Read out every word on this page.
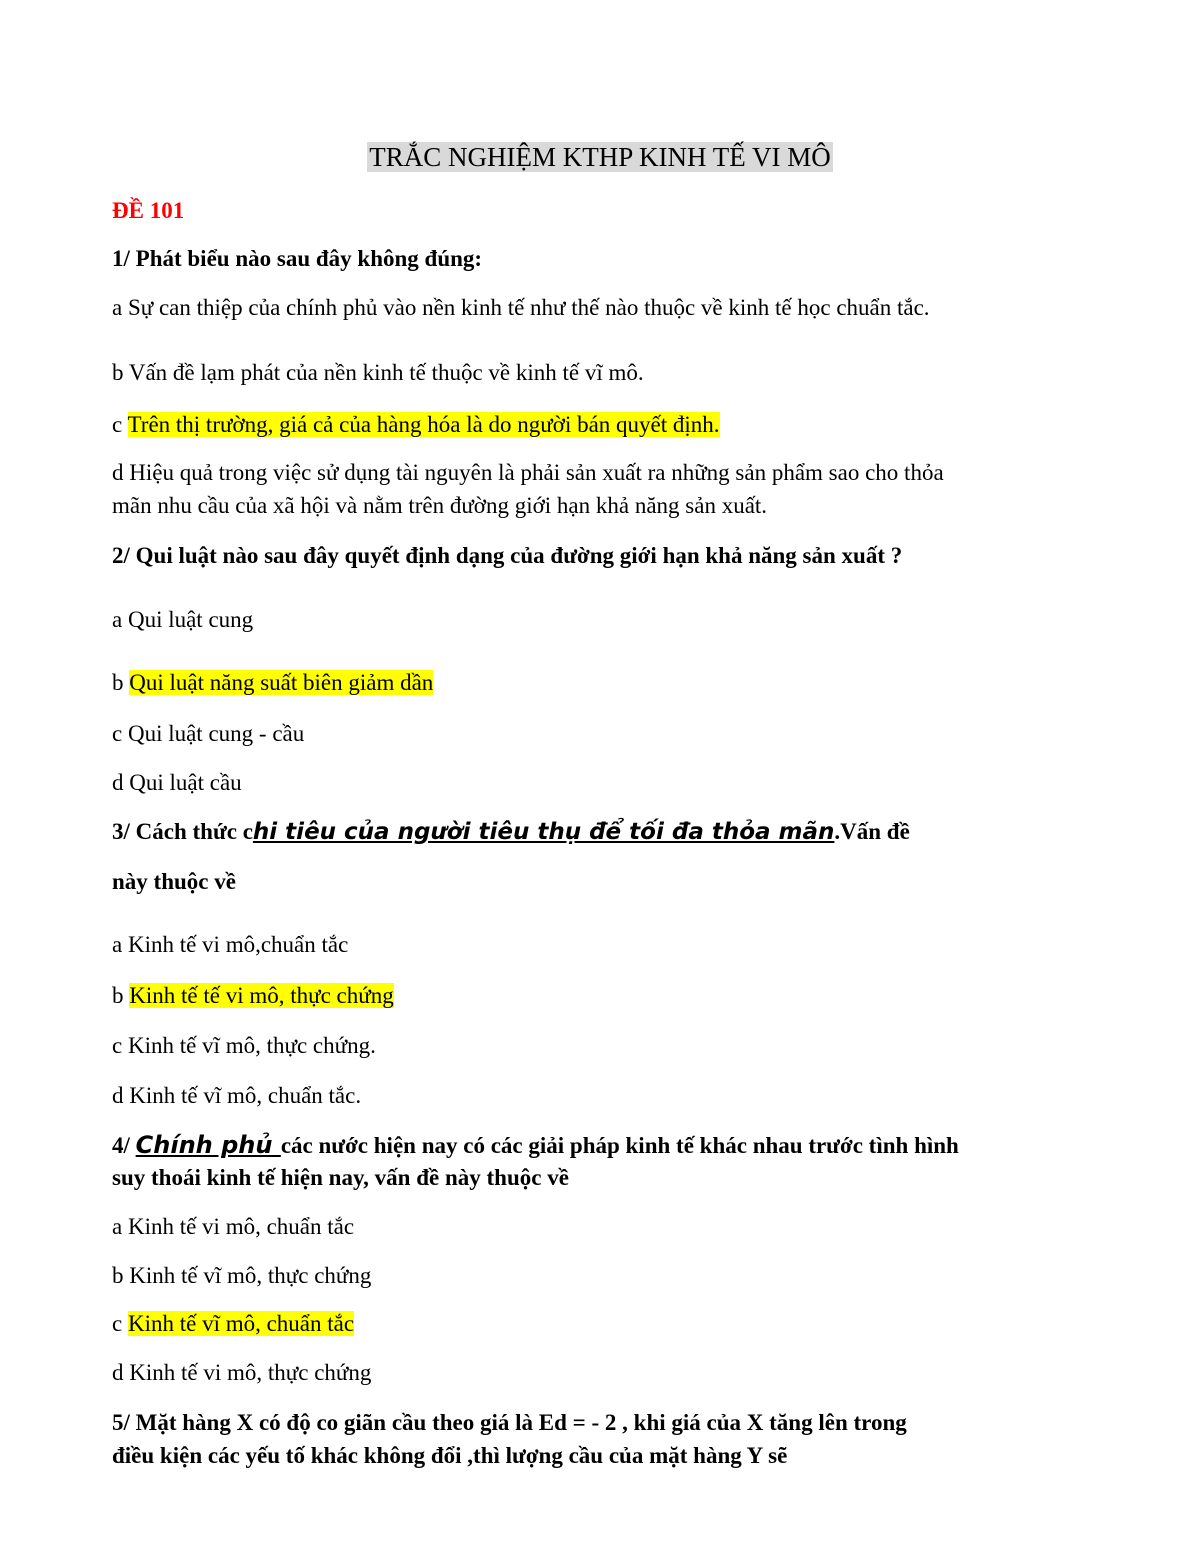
TRẮC NGHIỆM KTHP KINH TẾ VI MÔ
ĐỀ 101
1/ Phát biểu nào sau đây không đúng:
a Sự can thiệp của chính phủ vào nền kinh tế như thế nào thuộc về kinh tế học chuẩn tắc.
b Vấn đề lạm phát của nền kinh tế thuộc về kinh tế vĩ mô.
c Trên thị trường, giá cả của hàng hóa là do người bán quyết định.
d Hiệu quả trong việc sử dụng tài nguyên là phải sản xuất ra những sản phẩm sao cho thỏa
mãn nhu cầu của xã hội và nằm trên đường giới hạn khả năng sản xuất.
2/ Qui luật nào sau đây quyết định dạng của đường giới hạn khả năng sản xuất ?
a Qui luật cung
b Qui luật năng suất biên giảm dần
c Qui luật cung - cầu
d Qui luật cầu
3/ Cách thức chi tiêu của người tiêu thụ để tối đa thỏa mãn.Vấn đề
này thuộc về
a Kinh tế vi mô,chuẩn tắc
b Kinh tế tế vi mô, thực chứng
c Kinh tế vĩ mô, thực chứng.
d Kinh tế vĩ mô, chuẩn tắc.
4/ Chính phủ các nước hiện nay có các giải pháp kinh tế khác nhau trước tình hình
suy thoái kinh tế hiện nay, vấn đề này thuộc về
a Kinh tế vi mô, chuẩn tắc
b Kinh tế vĩ mô, thực chứng
c Kinh tế vĩ mô, chuẩn tắc
d Kinh tế vi mô, thực chứng
5/ Mặt hàng X có độ co giãn cầu theo giá là Ed = - 2 , khi giá của X tăng lên trong
điều kiện các yếu tố khác không đổi ,thì lượng cầu của mặt hàng Y sẽ
